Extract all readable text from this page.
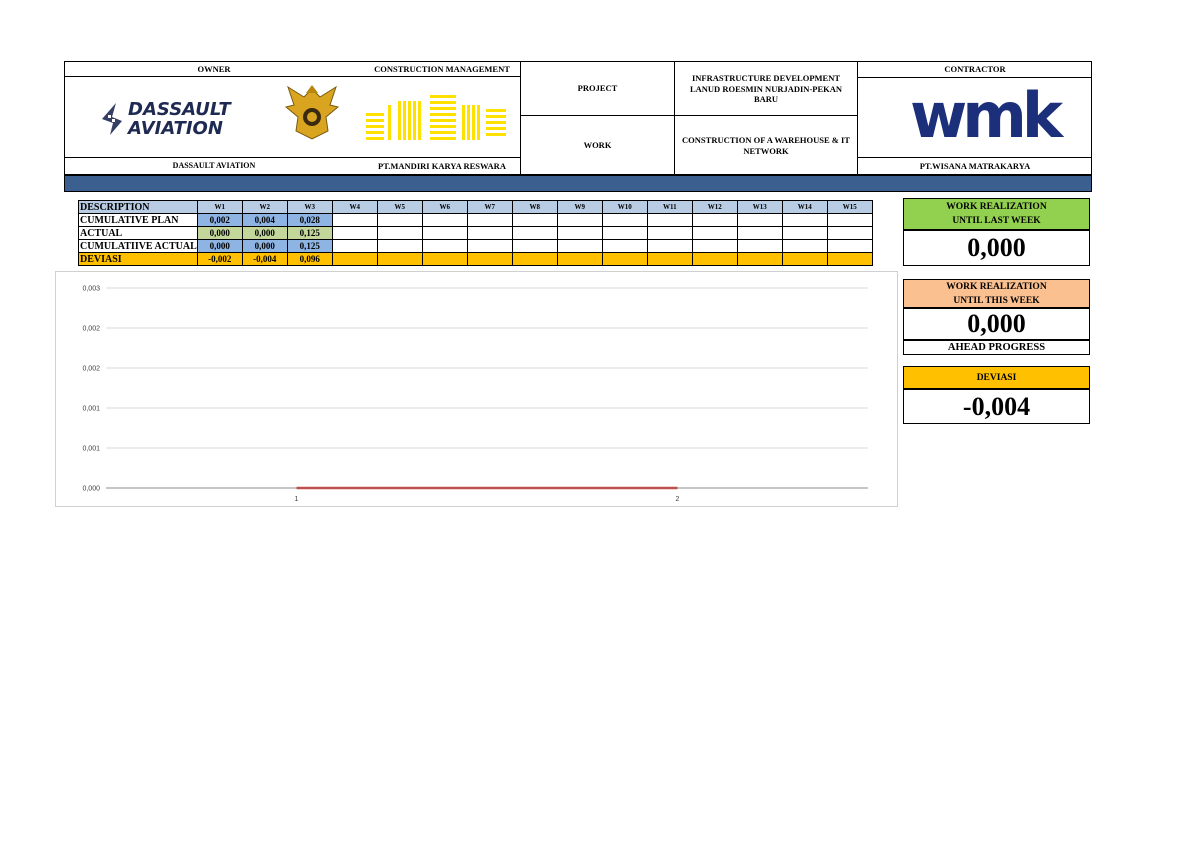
OWNER	CONSTRUCTION MANAGEMENT
DASSAULT
AVIATION
DASSAULT AVIATION	PT.MANDIRI KARYA RESWARA
PROJECT
INFRASTRUCTURE DEVELOPMENT LANUD ROESMIN NURJADIN-PEKAN BARU
WORK
CONSTRUCTION OF A WAREHOUSE & IT NETWORK
CONTRACTOR
wmk
PT.WISANA MATRAKARYA
DESCRIPTION	W1	W2	W3	W4	W5	W6	W7	W8	W9	W10	W11	W12	W13	W14	W15
CUMULATIVE PLAN	0,002	0,004	0,028												
ACTUAL	0,000	0,000	0,125												
CUMULATIIVE ACTUAL	0,000	0,000	0,125												
DEVIASI	-0,002	-0,004	0,096												
WORK REALIZATION
UNTIL LAST WEEK
0,000
WORK REALIZATION
UNTIL THIS WEEK
0,000
AHEAD PROGRESS
DEVIASI
-0,004
0,000
0,001
0,001
0,002
0,002
0,003
1	2
